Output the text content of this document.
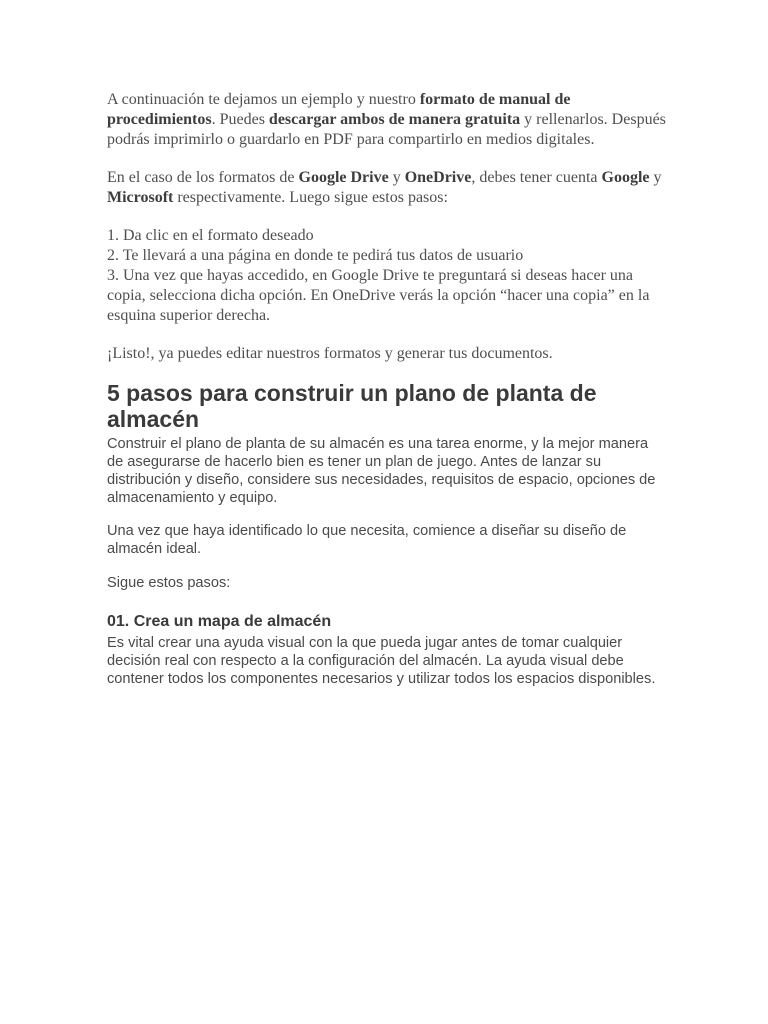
A continuación te dejamos un ejemplo y nuestro formato de manual de procedimientos. Puedes descargar ambos de manera gratuita y rellenarlos. Después podrás imprimirlo o guardarlo en PDF para compartirlo en medios digitales.

En el caso de los formatos de Google Drive y OneDrive, debes tener cuenta Google y Microsoft respectivamente. Luego sigue estos pasos:

1. Da clic en el formato deseado
2. Te llevará a una página en donde te pedirá tus datos de usuario
3. Una vez que hayas accedido, en Google Drive te preguntará si deseas hacer una copia, selecciona dicha opción. En OneDrive verás la opción “hacer una copia” en la esquina superior derecha.

¡Listo!, ya puedes editar nuestros formatos y generar tus documentos.

5 pasos para construir un plano de planta de almacén

Construir el plano de planta de su almacén es una tarea enorme, y la mejor manera de asegurarse de hacerlo bien es tener un plan de juego. Antes de lanzar su distribución y diseño, considere sus necesidades, requisitos de espacio, opciones de almacenamiento y equipo.

Una vez que haya identificado lo que necesita, comience a diseñar su diseño de almacén ideal.

Sigue estos pasos:

01. Crea un mapa de almacén

Es vital crear una ayuda visual con la que pueda jugar antes de tomar cualquier decisión real con respecto a la configuración del almacén. La ayuda visual debe contener todos los componentes necesarios y utilizar todos los espacios disponibles.
